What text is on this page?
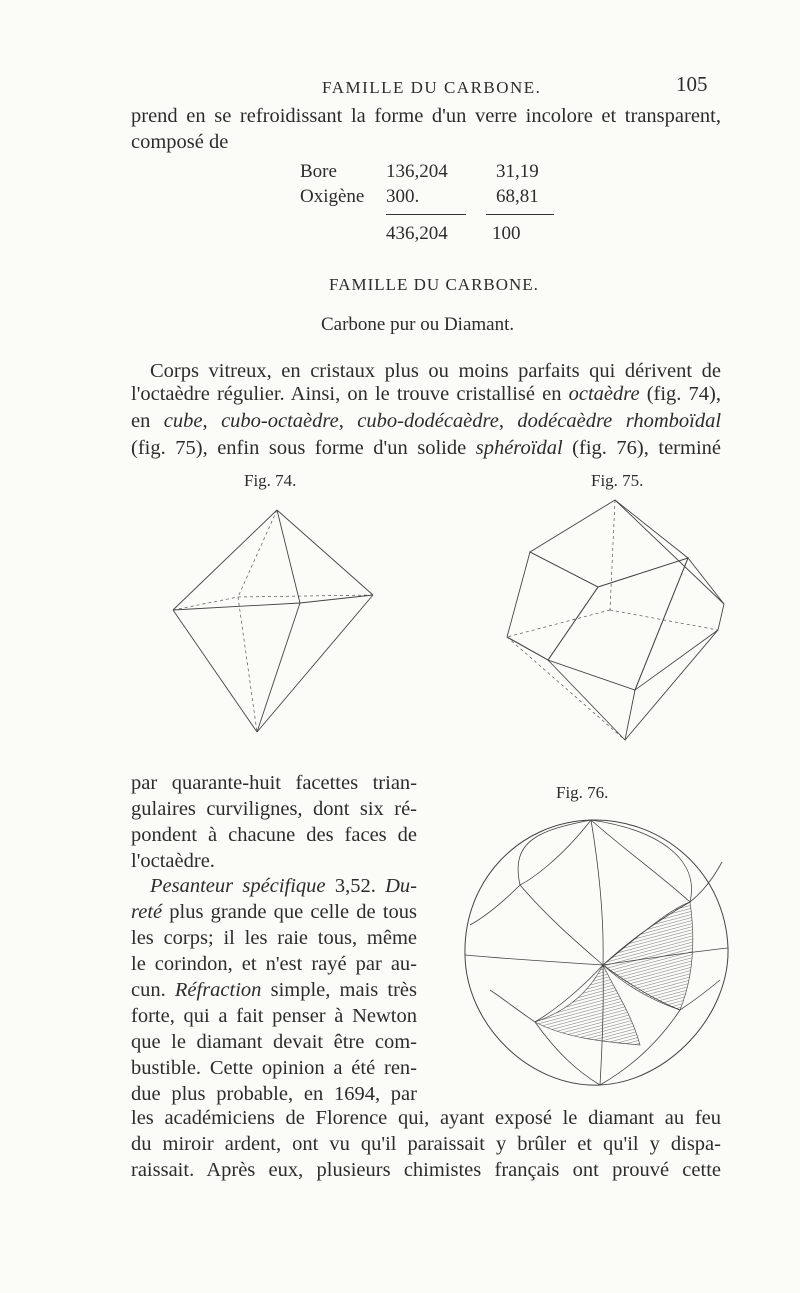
FAMILLE DU CARBONE.	105
prend en se refroidissant la forme d'un verre incolore et transparent,
composé de
Bore	136,204	31,19
Oxigène 300.	68,81
436,204 100
FAMILLE DU CARBONE.
Carbone pur ou Diamant.
Corps vitreux, en cristaux plus ou moins parfaits qui dérivent de
l'octaèdre régulier. Ainsi, on le trouve cristallisé en octaèdre (fig. 74),
en cube, cubo-octaèdre, cubo-dodécaèdre, dodécaèdre rhomboïdal
(fig. 75), enfin sous forme d'un solide sphéroïdal (fig. 76), terminé
Fig. 74.	Fig. 75.
Fig. 76.
par quarante-huit facettes trian-
gulaires curvilignes, dont six ré-
pondent à chacune des faces de
l'octaèdre.
Pesanteur spécifique 3,52. Du-
reté plus grande que celle de tous
les corps; il les raie tous, même
le corindon, et n'est rayé par au-
cun. Réfraction simple, mais très
forte, qui a fait penser à Newton
que le diamant devait être com-
bustible. Cette opinion a été ren-
due plus probable, en 1694, par
les académiciens de Florence qui, ayant exposé le diamant au feu
du miroir ardent, ont vu qu'il paraissait y brûler et qu'il y dispa-
raissait. Après eux, plusieurs chimistes français ont prouvé cette
